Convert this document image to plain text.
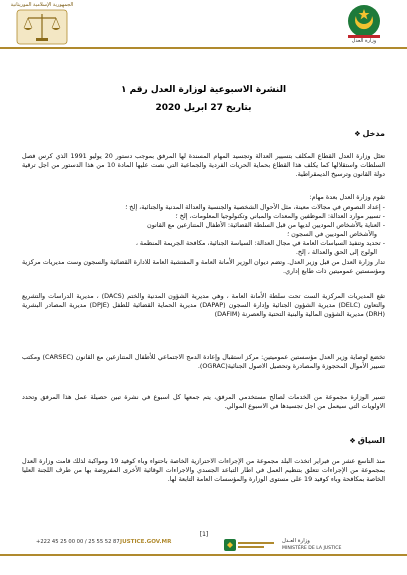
الجمهورية الإسلامية الموريتانية
وزارة العدل
النشرة الاسبوعية لوزارة العدل رقم ١
بتاريخ 27 ابريل 2020
مدخل
❖
تعتَل وزارة العدل القطاع المكلف بتسيير العدالة وتجسيد المهام المسندة لها المرفق بموجب دستور 20 يوليو 1991 الذي كرس فصل السلطات واستقلالها كما يكلف هذا القطاع بحماية الحريات الفردية والجماعية التي نصت عليها المادة 10 من هذا الدستور من اجل ترقية دولة القانون وترسيخ الديمقراطية.
تقوم وزارة العدل بعدة مهام:
- إعداد النصوص في مجالات معينة، مثل الأحوال الشخصية والجنسية والعدالة المدنية والجنائية، إلخ ؛
- تسيير موارد العدالة: الموظفين والمعدات والمباني وتكنولوجيا المعلومات، إلخ ؛
- العناية بالأشخاص الموديين لديها من قبل السلطة القضائية: الأطفال المتنازعين مع القانون
والأشخاص الموديين في السجون ؛
- تحديد وتنفيذ السياسات العامة في مجال العدالة: السياسة الجنائية، مكافحة الجريمة المنظمة ،
الولوج إلى الحق والعدالة ، إلخ.
تدار وزارة العدل من قبل وزير العدل. وتضم ديوان الوزير الأمانة العامة و المفتشية العامة للادارة القضائية والسجون وست مديريات مركزية ومؤسستين عموميتين ذات طابع إداري.
تقع المديريات المركزية الست تحت سلطة الأمانة العامة ، وهي مديرية الشؤون المدنية والختم (DACS) ، مديرية الدراسات والتشريع والتعاون (DELC) مديرية الشؤون الجنائية وإدارة السجون (DAPAP) مديرية الحماية القضائية للطفل (DPJE) مديرية المصادر البشرية (DRH) مديرية الشؤون المالية والبنية التحتية والعصرنة (DAFIM)
تخضع لوصاية وزير العدل مؤسستين عموميتين: مركز استقبال وإعادة الدمج الاجتماعي للأطفال المتنازعين مع القانون (CARSEC) ومكتب تسيير الأموال المحجوزة والمصادرة وتحصيل الاصول الجنائية(OGRAC).
تسير الوزارة مجموعة من الخدمات لصالح مستخدمي المرفق، يتم جمعها كل اسبوع في نشرة تبين حصيلة عمل هذا المرفق وتحدد الاولويات التي سيعمل من اجل تجسيدها في الاسبوع الموالي.
السياق
❖
منذ التاسع عشر من فبراير اتخذت البلد مجموعة من الإجراءات الاحترازية الخاصة باحتواء وباء كوفيد 19 ومواكبة لذلك قامت وزارة العدل بمجموعة من الإجراءات تتعلق بتنظيم العمل في اطار التباعد الجسدي والاجراءات الوقائية الأخرى المفروضة بها من طرف اللجنة العليا الخاصة بمكافحة وباء كوفيد 19 على مستوى الوزارة والمؤسسات العامة التابعة لها.
[1]
وزارة العـدل
MINISTÈRE DE LA JUSTICE
JUSTICE.GOV.MR
+222 45 25 00 00 / 25 55 52 87
